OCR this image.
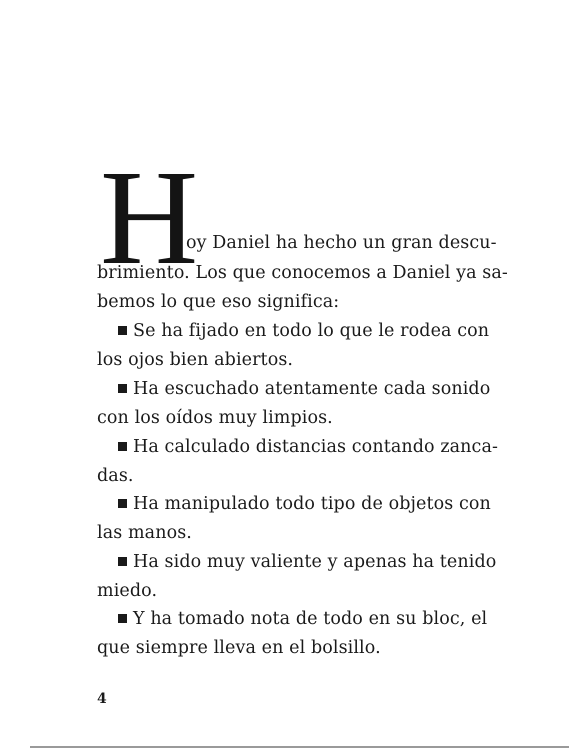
H
oy Daniel ha hecho un gran descu-
brimiento. Los que conocemos a Daniel ya sa-
bemos lo que eso significa:
Se ha fijado en todo lo que le rodea con
los ojos bien abiertos.
Ha escuchado atentamente cada sonido
con los oídos muy limpios.
Ha calculado distancias contando zanca-
das.
Ha manipulado todo tipo de objetos con
las manos.
Ha sido muy valiente y apenas ha tenido
miedo.
Y ha tomado nota de todo en su bloc, el
que siempre lleva en el bolsillo.
4
